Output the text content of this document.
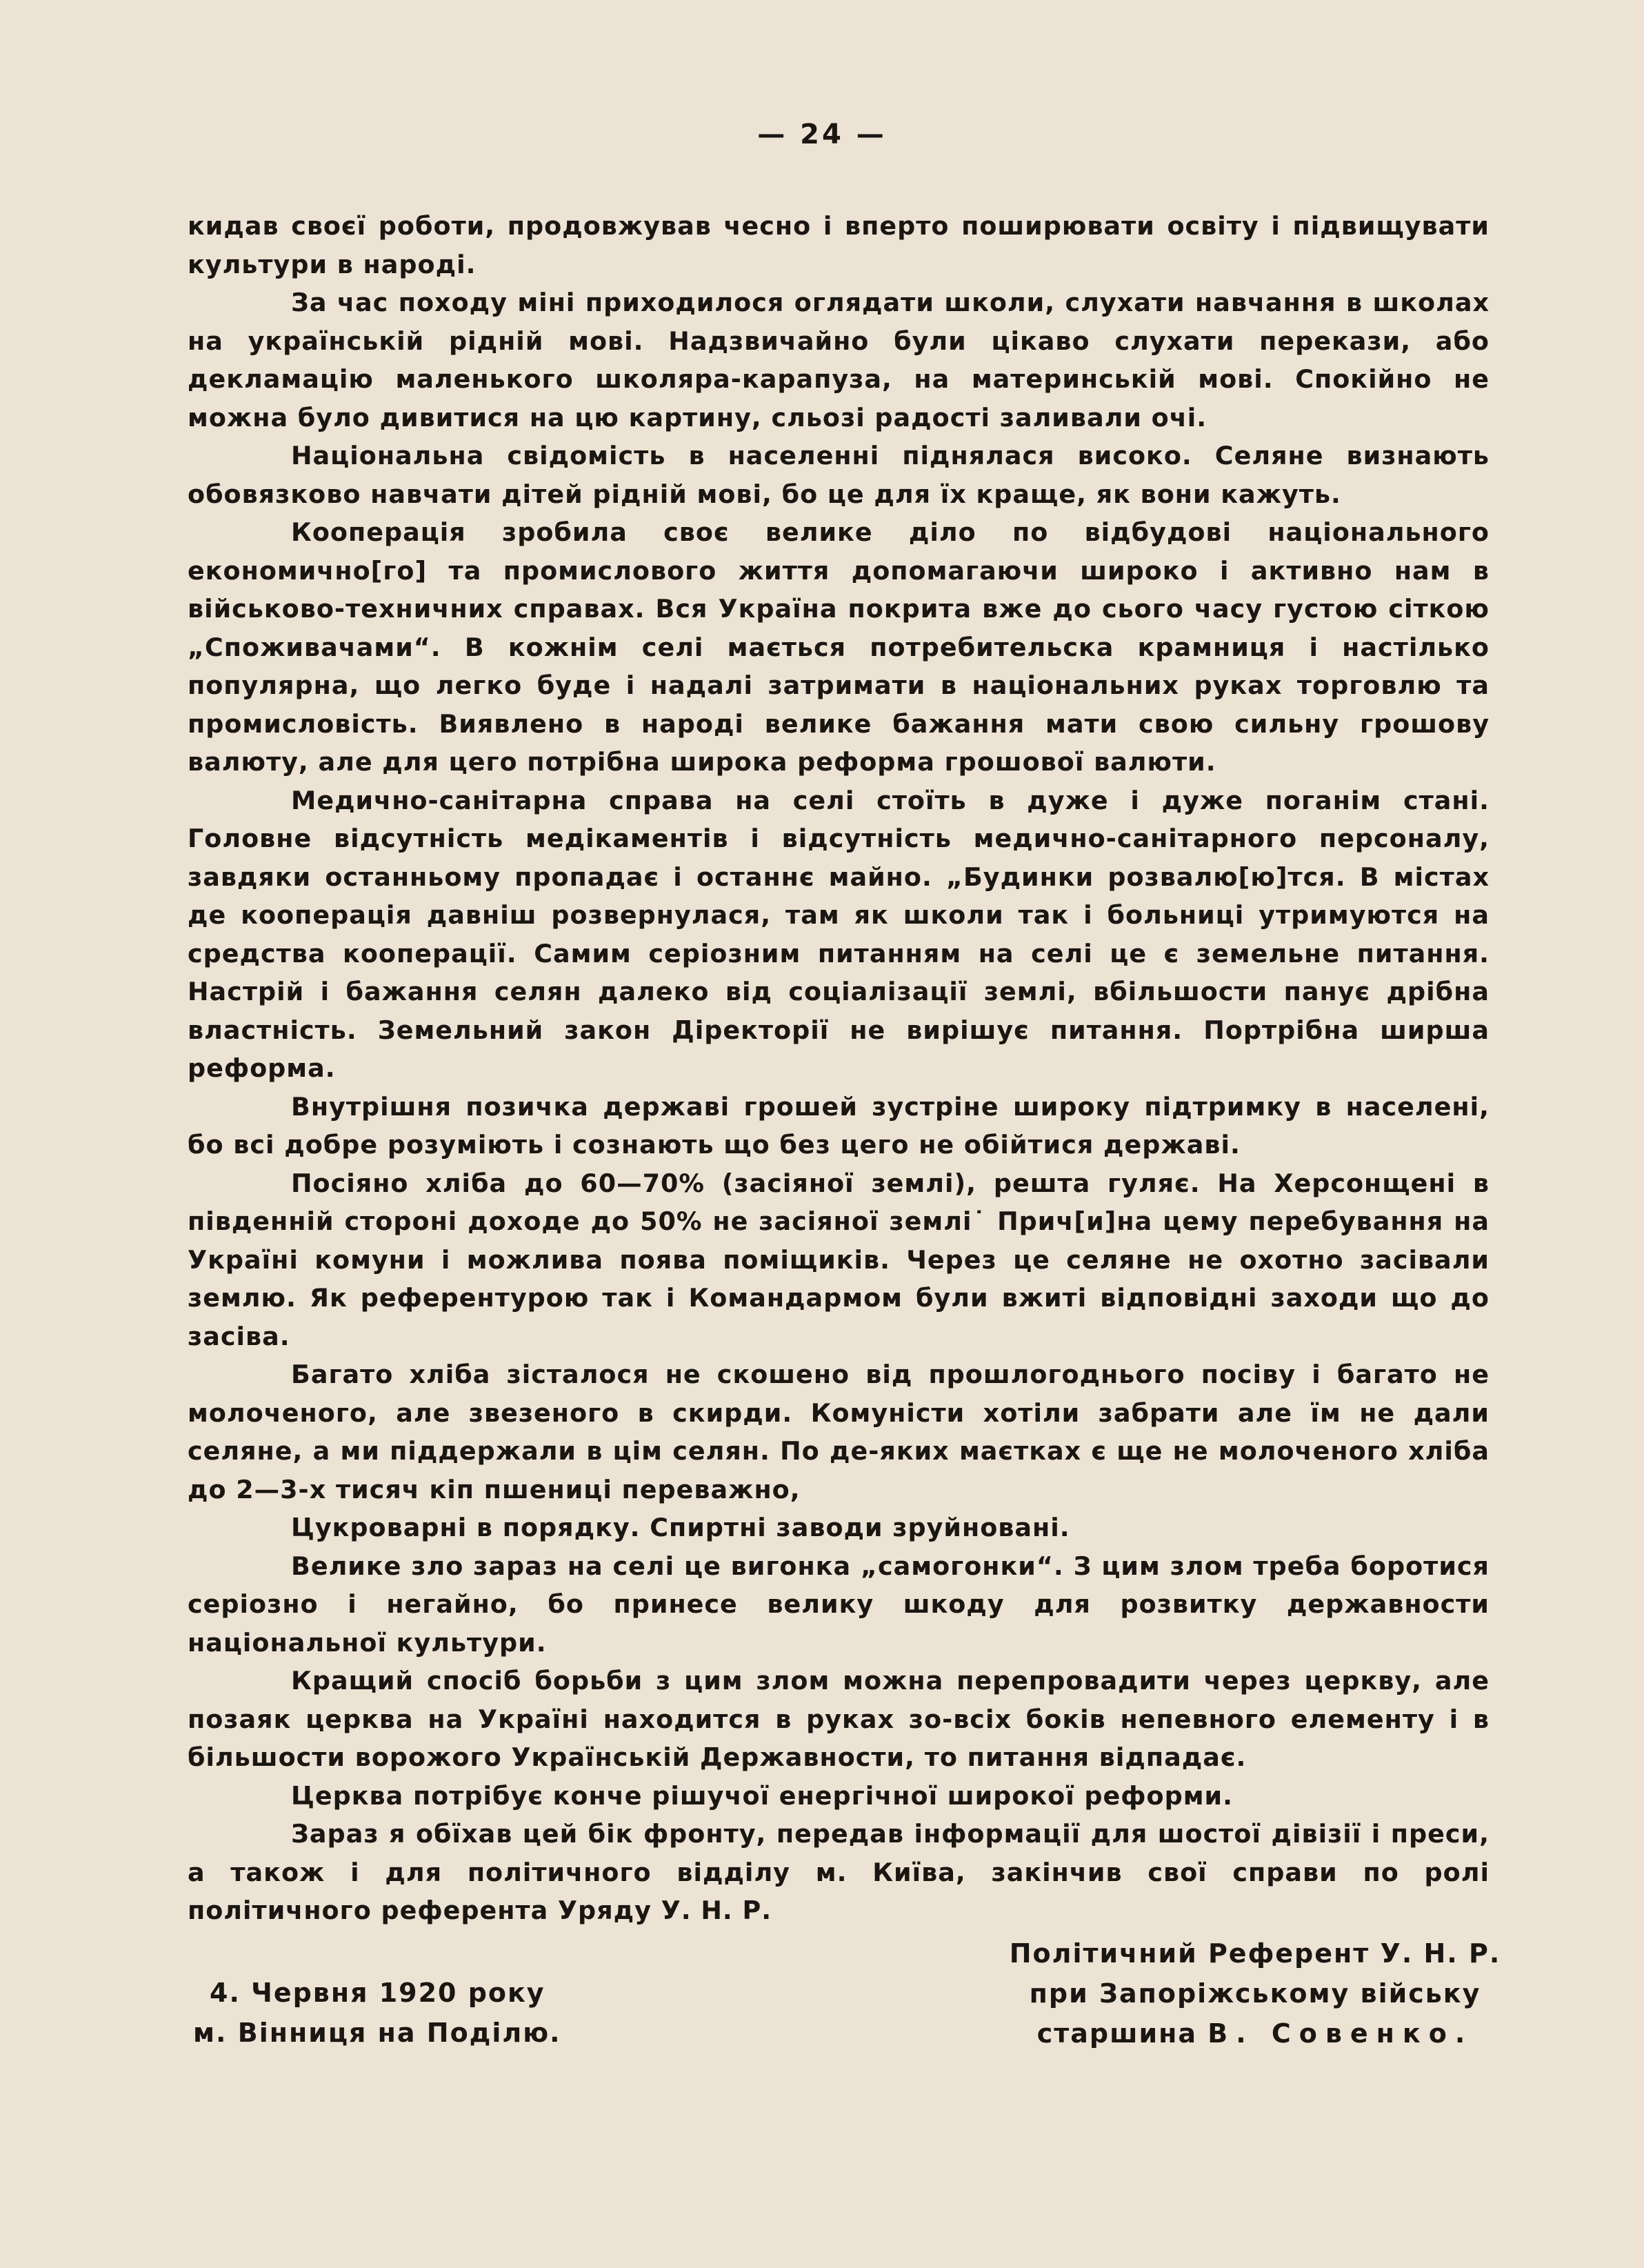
— 24 —

кидав своєї роботи, продовжував чесно і вперто поширювати освіту і підвищувати культури в народі.

За час походу міні приходилося оглядати школи, слухати навчання в школах на українській рідній мові. Надзвичайно були цікаво слухати перекази, або декламацію маленького школяра-карапуза, на материнській мові. Спокійно не можна було дивитися на цю картину, сльозі радості заливали очі.

Національна свідомість в населенні піднялася високо. Селяне визнають обовязково навчати дітей рідній мові, бо це для їх краще, як вони кажуть.

Кооперація зробила своє велике діло по відбудові національного економично[го] та промислового життя допомагаючи широко і активно нам в військово-техничних справах. Вся Україна покрита вже до сього часу густою сіткою „Споживачами“. В кожнім селі мається потребительска крамниця і настілько популярна, що легко буде і надалі затримати в національних руках торговлю та промисловість. Виявлено в народі велике бажання мати свою сильну грошову валюту, але для цего потрібна широка реформа грошової валюти.

Медично-санітарна справа на селі стоїть в дуже і дуже поганім стані. Головне відсутність медікаментів і відсутність медично-санітарного персоналу, завдяки останньому пропадає і останнє майно. „Будинки розвалю[ю]тся. В містах де кооперація давніш розвернулася, там як школи так і больниці утримуются на средства кооперації. Самим серіозним питанням на селі це є земельне питання. Настрій і бажання селян далеко від соціалізації землі, вбільшости панує дрібна властність. Земельний закон Діректорії не вирішує питання. Портрібна ширша реформа.

Внутрішня позичка державі грошей зустріне широку підтримку в населені, бо всі добре розуміють і сознають що без цего не обійтися державі.

Посіяно хліба до 60—70% (засіяної землі), решта гуляє. На Херсонщені в південній стороні доходе до 50% не засіяної землі˙ Прич[и]на цему перебування на Україні комуни і можлива поява поміщиків. Через це селяне не охотно засівали землю. Як референтурою так і Командармом були вжиті відповідні заходи що до засіва.

Багато хліба зісталося не скошено від прошлогоднього посіву і багато не молоченого, але звезеного в скирди. Комуністи хотіли забрати але їм не дали селяне, а ми піддержали в цім селян. По де-яких маєтках є ще не молоченого хліба до 2—3-х тисяч кіп пшениці переважно,

Цукроварні в порядку. Спиртні заводи зруйновані.

Велике зло зараз на селі це вигонка „самогонки“. З цим злом треба боротися серіозно і негайно, бо принесе велику шкоду для розвитку державности національної культури.

Кращий спосіб борьби з цим злом можна перепровадити через церкву, але позаяк церква на Україні находится в руках зо-всіх боків непевного елементу і в більшости ворожого Українській Державности, то питання відпадає.

Церква потрібує конче рішучої енергічної широкої реформи.

Зараз я обїхав цей бік фронту, передав інформації для шостої дівізії і преси, а також і для політичного відділу м. Київа, закінчив свої справи по ролі політичного референта Уряду У. Н. Р.

4. Червня 1920 року
м. Вінниця на Поділю.
Політичний Референт У. Н. Р.
при Запоріжському війську
старшина В. Совенко.
